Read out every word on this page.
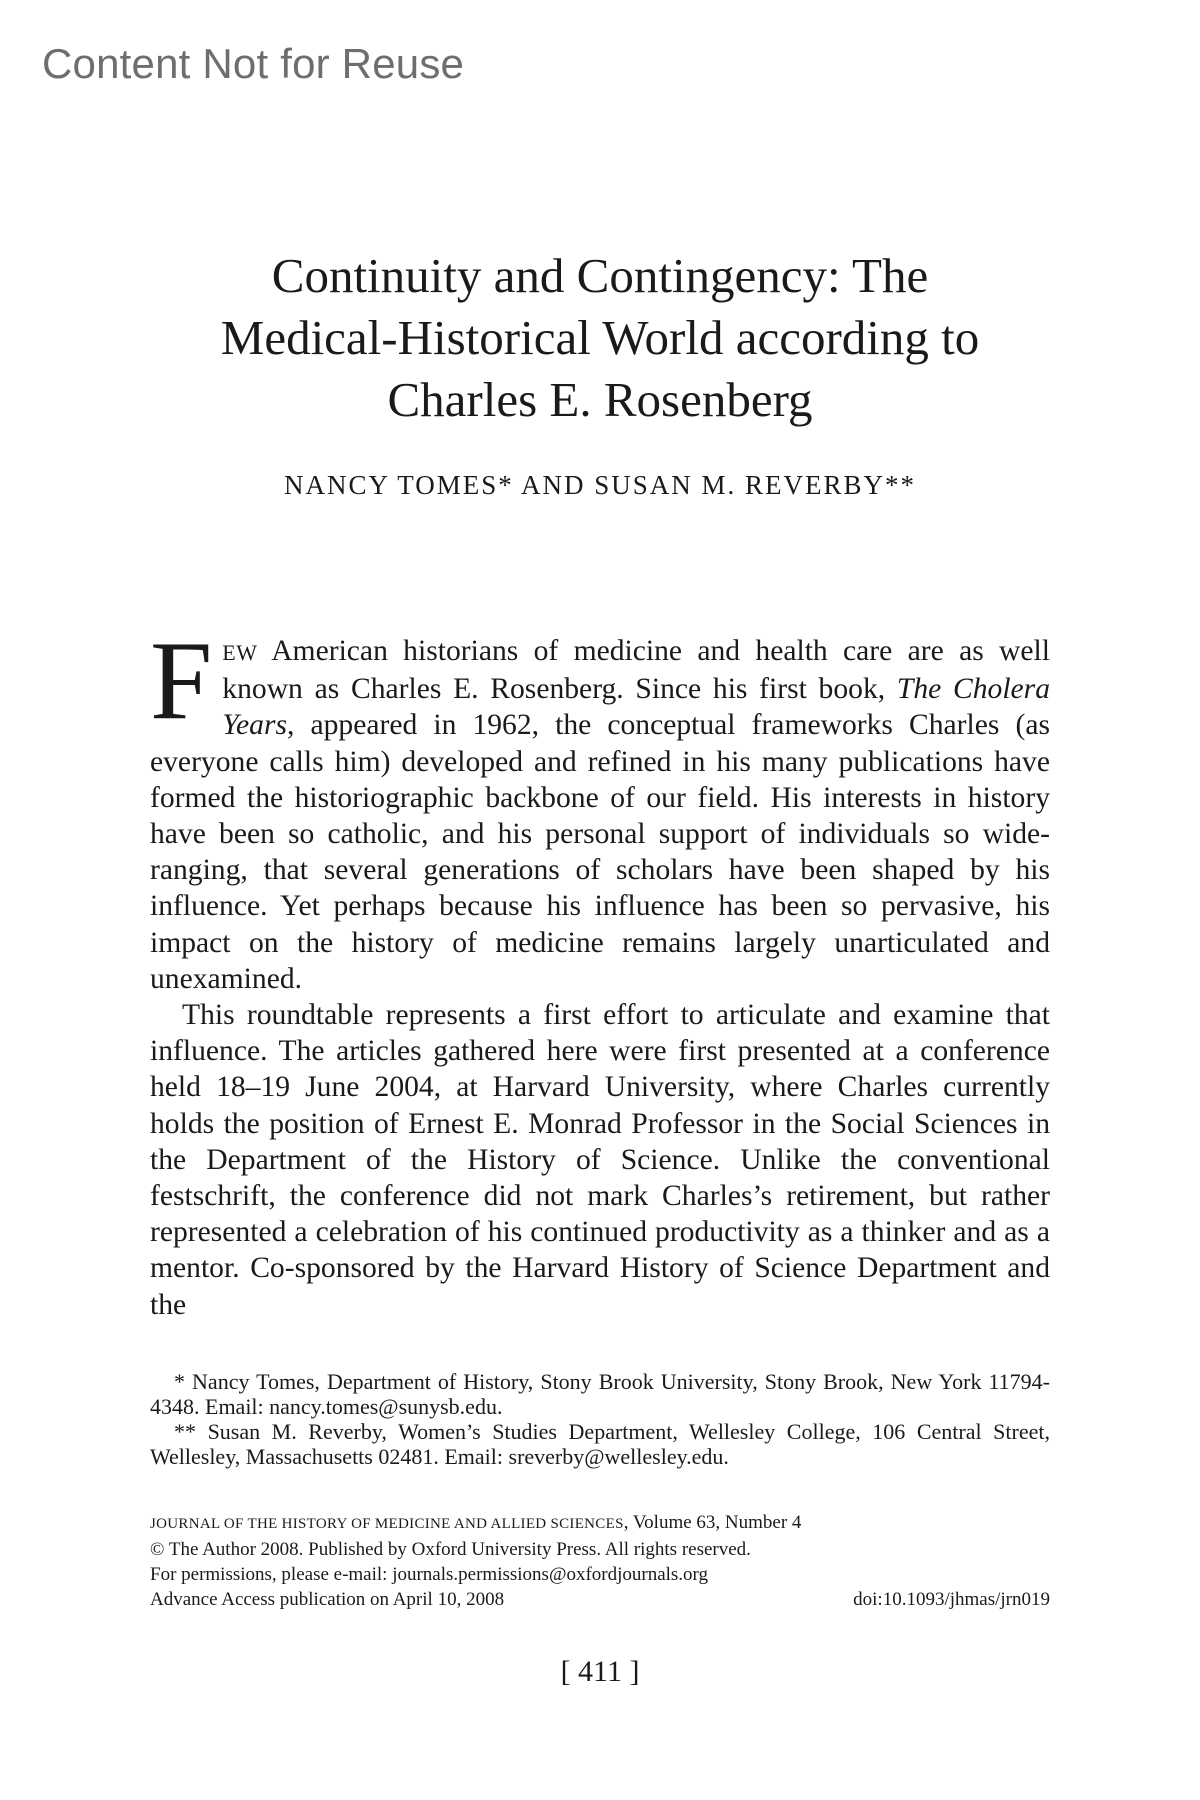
Content Not for Reuse
Continuity and Contingency: The
Medical-Historical World according to
Charles E. Rosenberg
NANCY TOMES* AND SUSAN M. REVERBY**

FEW American historians of medicine and health care are as well known as Charles E. Rosenberg. Since his first book, The Cholera Years, appeared in 1962, the conceptual frameworks Charles (as everyone calls him) developed and refined in his many publications have formed the historiographic backbone of our field. His interests in history have been so catholic, and his personal support of individuals so wide-ranging, that several generations of scholars have been shaped by his influence. Yet perhaps because his influence has been so pervasive, his impact on the history of medicine remains largely unarticulated and unexamined.

This roundtable represents a first effort to articulate and examine that influence. The articles gathered here were first presented at a conference held 18–19 June 2004, at Harvard University, where Charles currently holds the position of Ernest E. Monrad Professor in the Social Sciences in the Department of the History of Science. Unlike the conventional festschrift, the conference did not mark Charles’s retirement, but rather represented a celebration of his continued productivity as a thinker and as a mentor. Co-sponsored by the Harvard History of Science Department and the

* Nancy Tomes, Department of History, Stony Brook University, Stony Brook, New York 11794-4348. Email: nancy.tomes@sunysb.edu.

** Susan M. Reverby, Women’s Studies Department, Wellesley College, 106 Central Street, Wellesley, Massachusetts 02481. Email: sreverby@wellesley.edu.

JOURNAL OF THE HISTORY OF MEDICINE AND ALLIED SCIENCES, Volume 63, Number 4
© The Author 2008. Published by Oxford University Press. All rights reserved.
For permissions, please e-mail: journals.permissions@oxfordjournals.org
Advance Access publication on April 10, 2008	doi:10.1093/jhmas/jrn019
[ 411 ]
